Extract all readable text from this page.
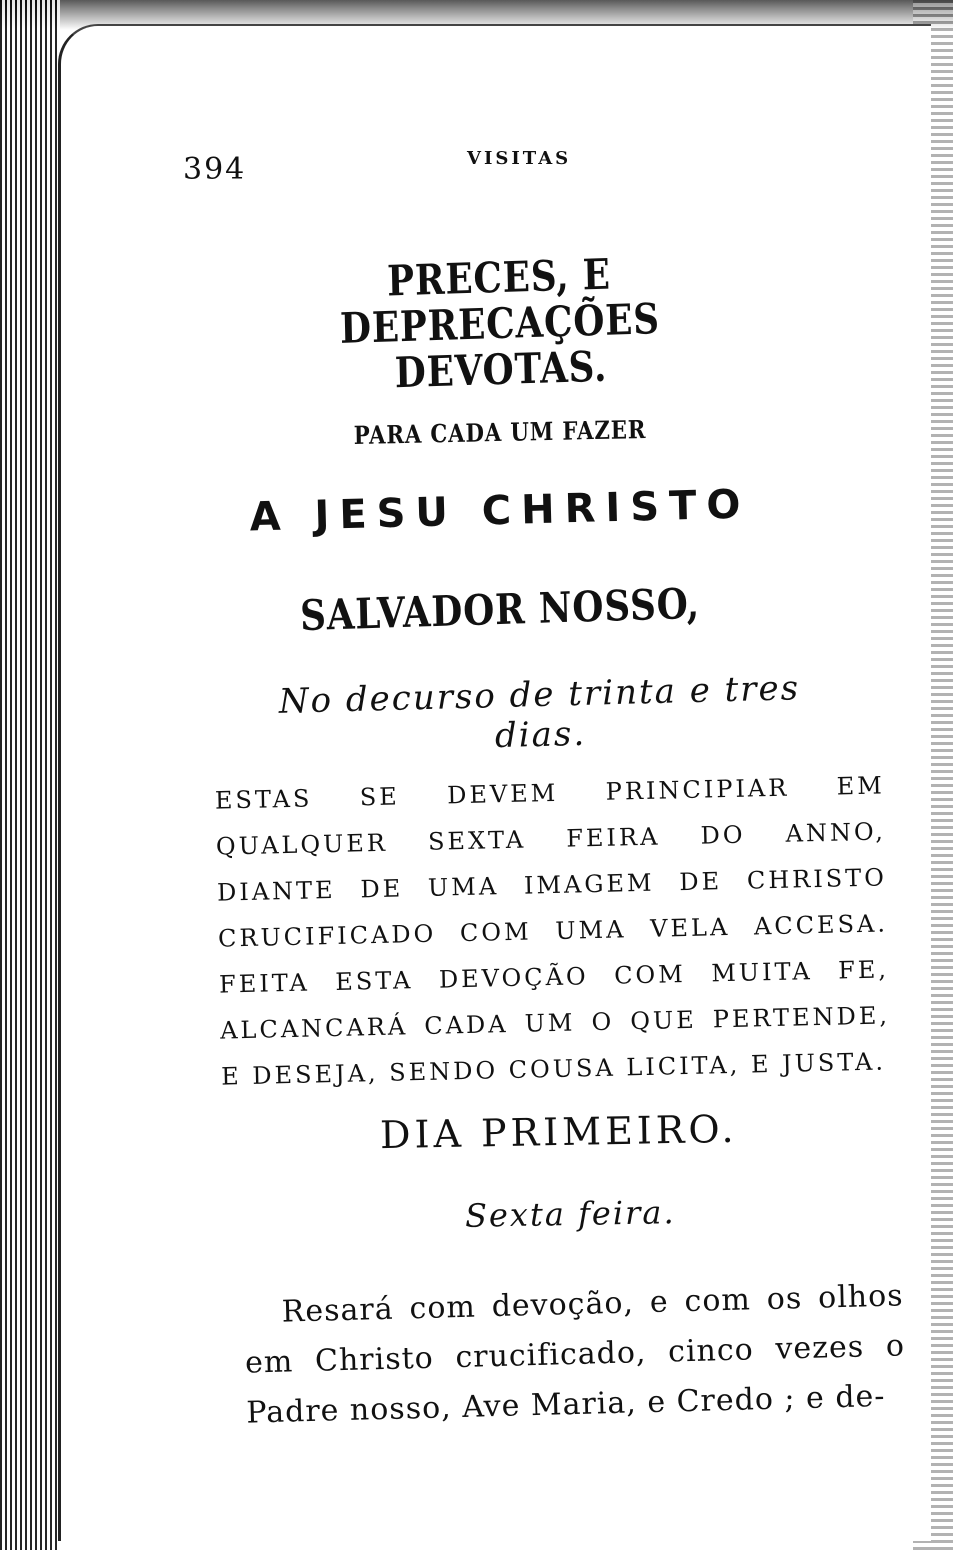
394	VISITAS
PRECES, E DEPRECAÇÕES DEVOTAS.
PARA CADA UM FAZER
A JESU CHRISTO
SALVADOR NOSSO,
No decurso de trinta e tres dias.
ESTAS SE DEVEM PRINCIPIAR EM QUALQUER SEXTA FEIRA DO ANNO, DIANTE DE UMA IMAGEM DE CHRISTO CRUCIFICADO COM UMA VELA ACCESA. FEITA ESTA DEVOÇÃO COM MUITA FE, ALCANCARÁ CADA UM O QUE PERTENDE, E DESEJA, SENDO COUSA LICITA, E JUSTA.
DIA PRIMEIRO.
Sexta feira.
Resará com devoção, e com os olhos em Christo crucificado, cinco vezes o Padre nosso, Ave Maria, e Credo ; e de-
